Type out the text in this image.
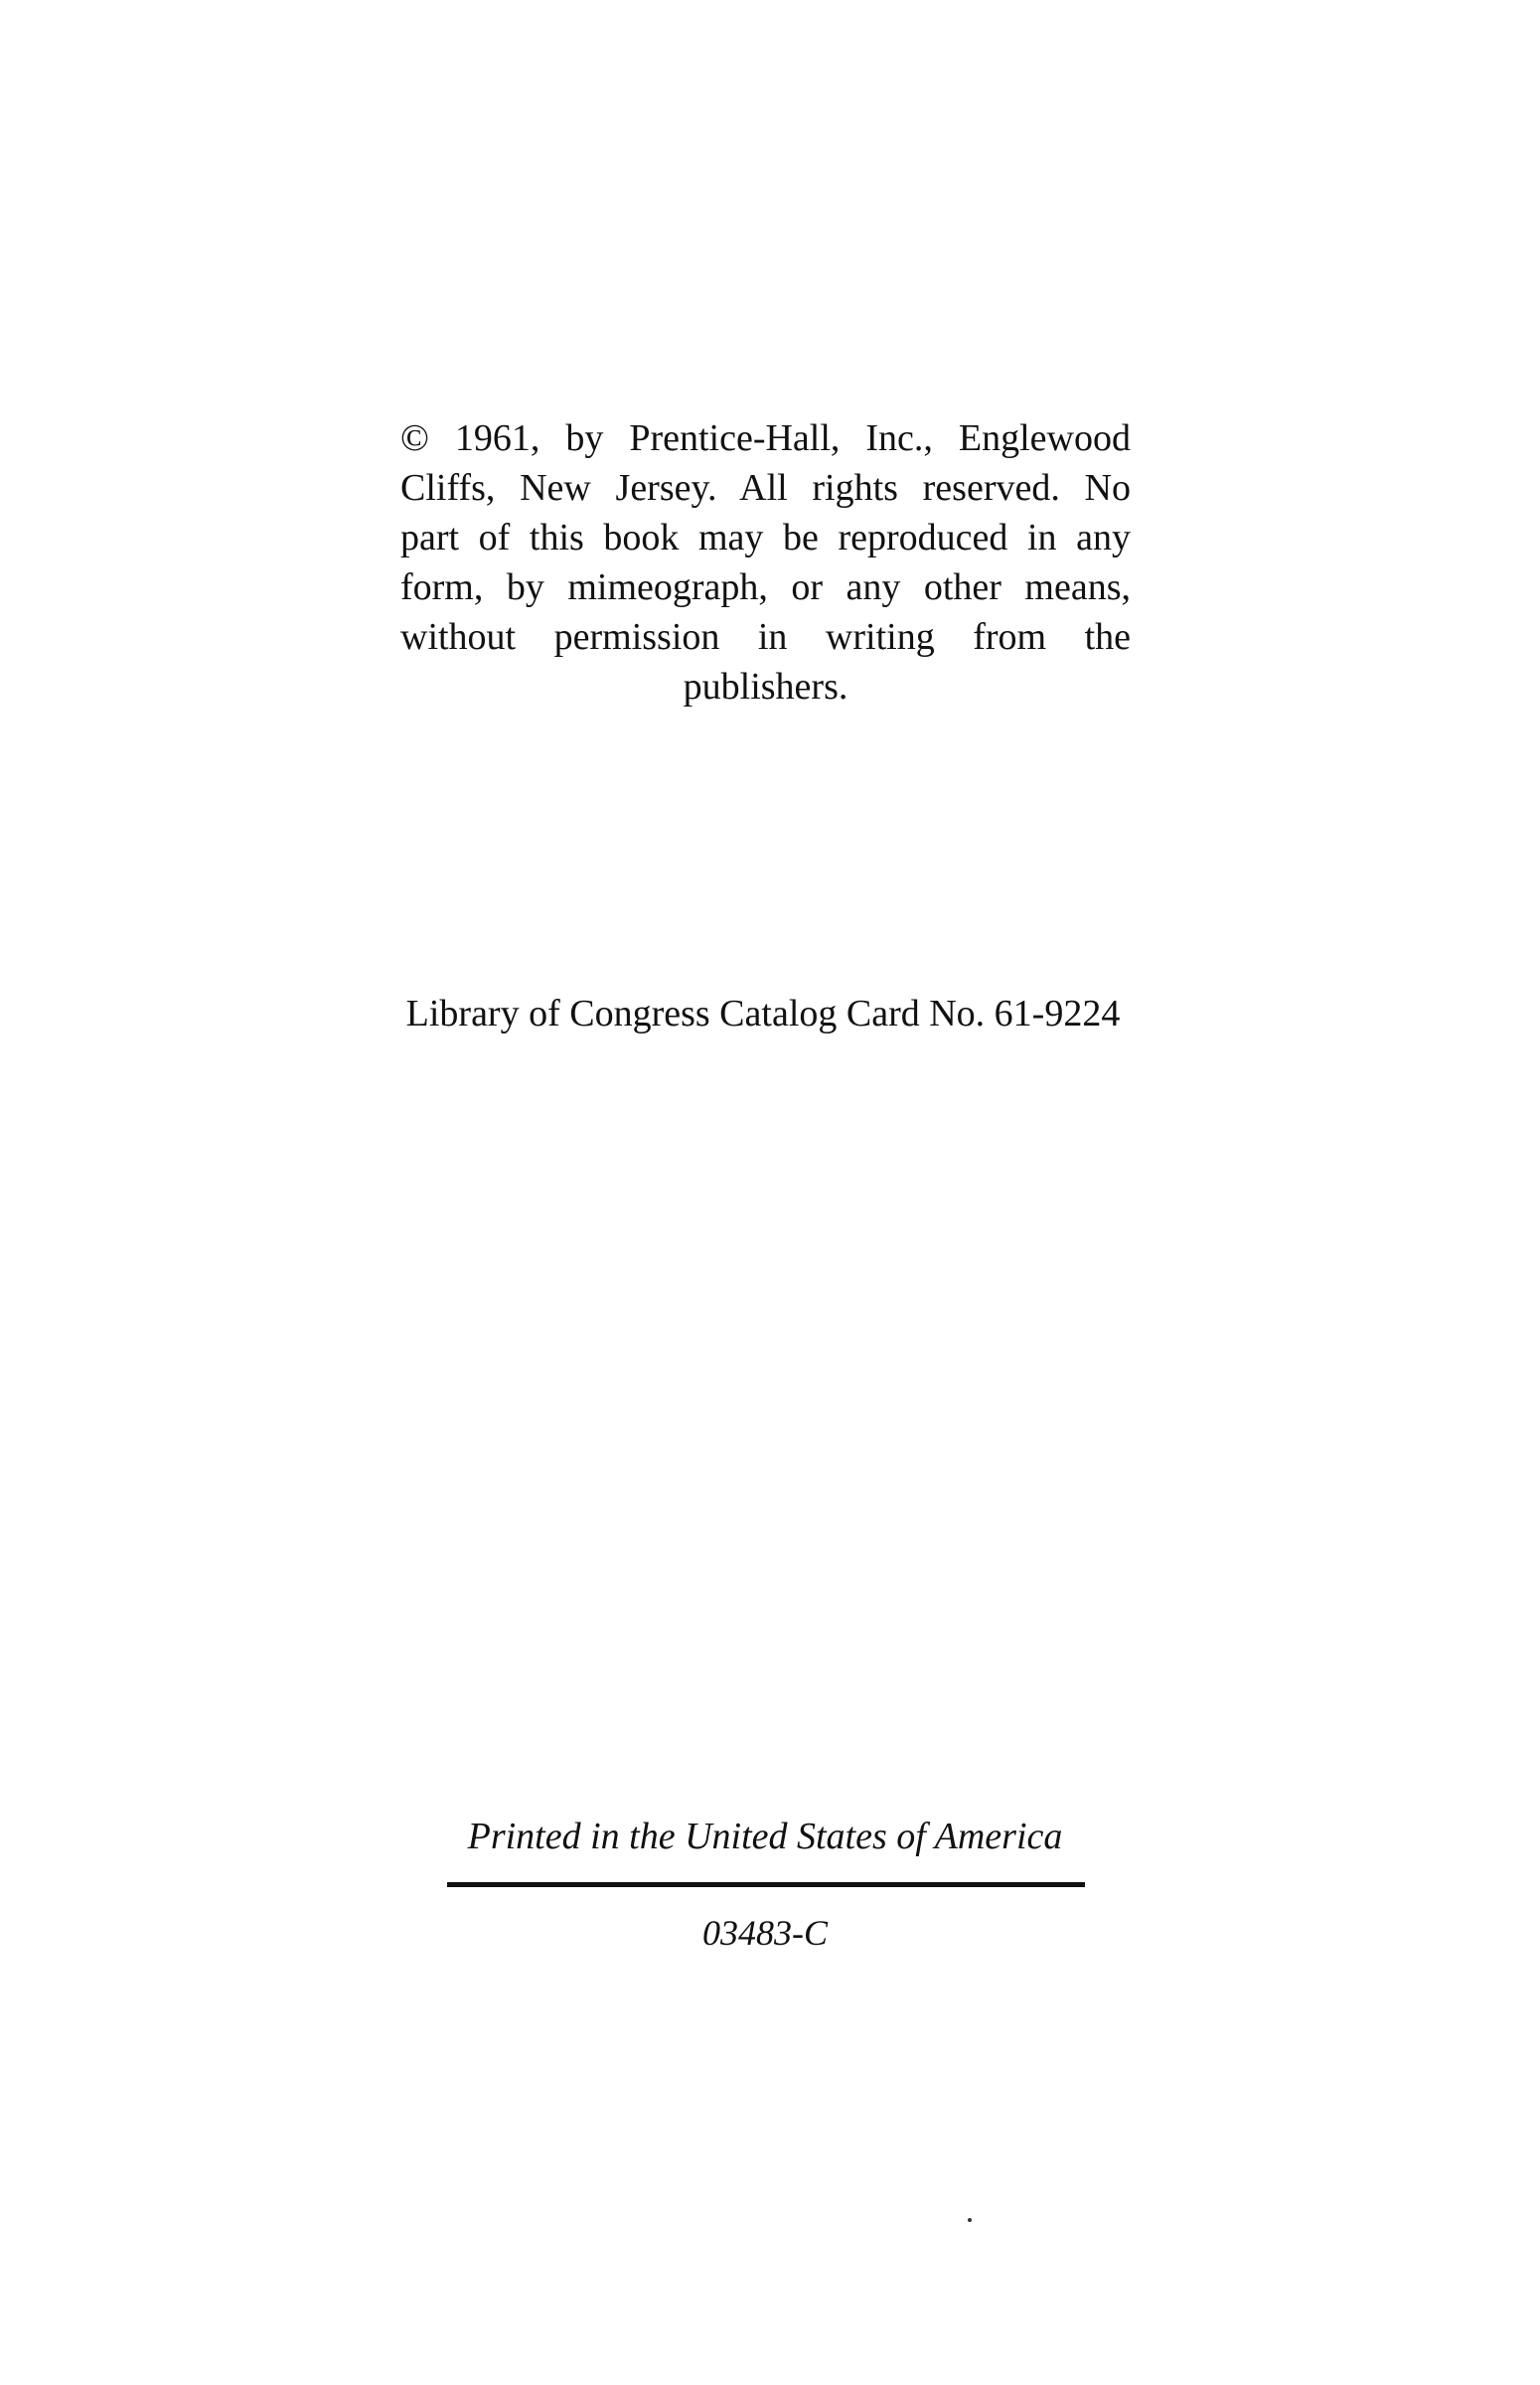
© 1961, by Prentice-Hall, Inc., Englewood
Cliffs, New Jersey. All rights reserved. No
part of this book may be reproduced in any
form, by mimeograph, or any other means,
without permission in writing from the
publishers.
Library of Congress Catalog Card No. 61-9224
Printed in the United States of America
03483-C
